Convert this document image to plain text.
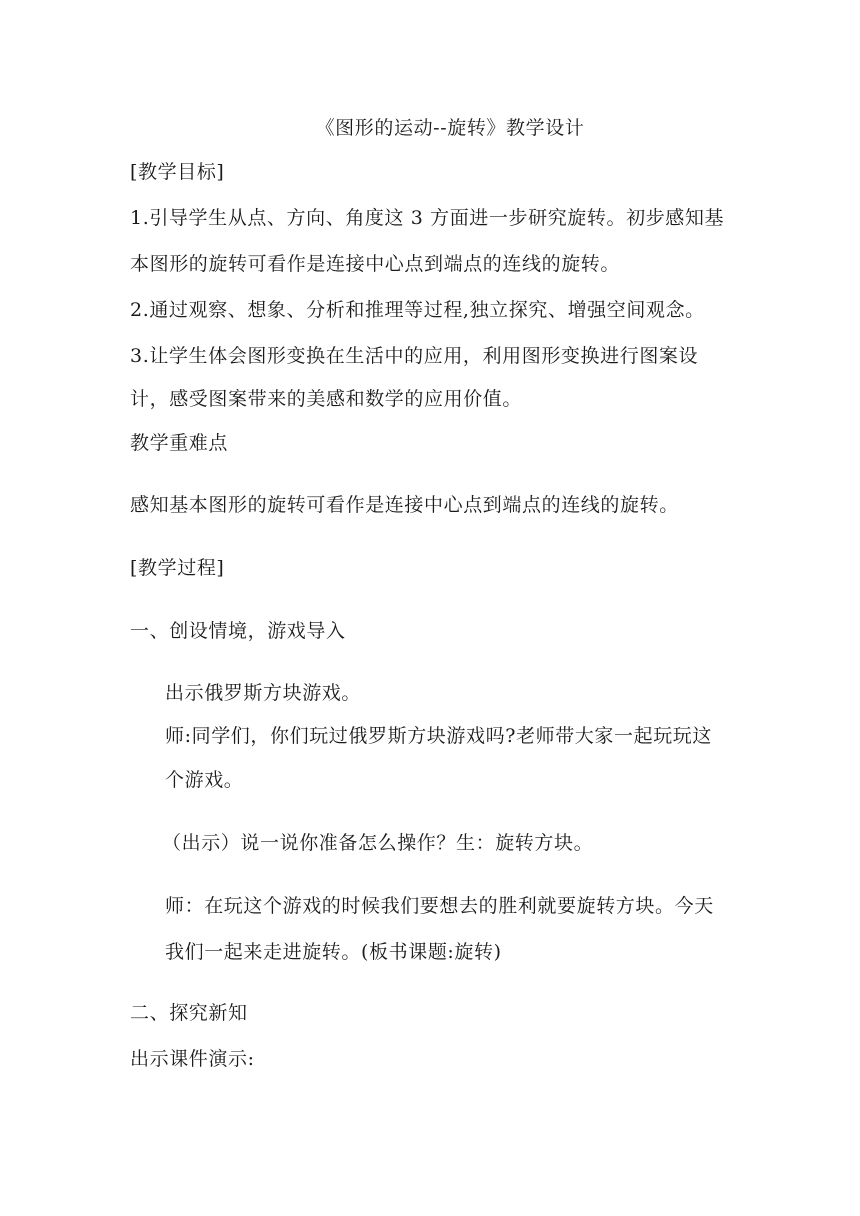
《图形的运动--旋转》教学设计
[教学目标]
1.引导学生从点、方向、角度这 3 方面进一步研究旋转。初步感知基
本图形的旋转可看作是连接中心点到端点的连线的旋转。
2.通过观察、想象、分析和推理等过程,独立探究、增强空间观念。
3.让学生体会图形变换在生活中的应用，利用图形变换进行图案设
计，感受图案带来的美感和数学的应用价值。
教学重难点
感知基本图形的旋转可看作是连接中心点到端点的连线的旋转。
[教学过程]
一、创设情境，游戏导入
出示俄罗斯方块游戏。
师:同学们，你们玩过俄罗斯方块游戏吗?老师带大家一起玩玩这
个游戏。
（出示）说一说你准备怎么操作？生：旋转方块。
师：在玩这个游戏的时候我们要想去的胜利就要旋转方块。今天
我们一起来走进旋转。(板书课题:旋转)
二、探究新知
出示课件演示:
